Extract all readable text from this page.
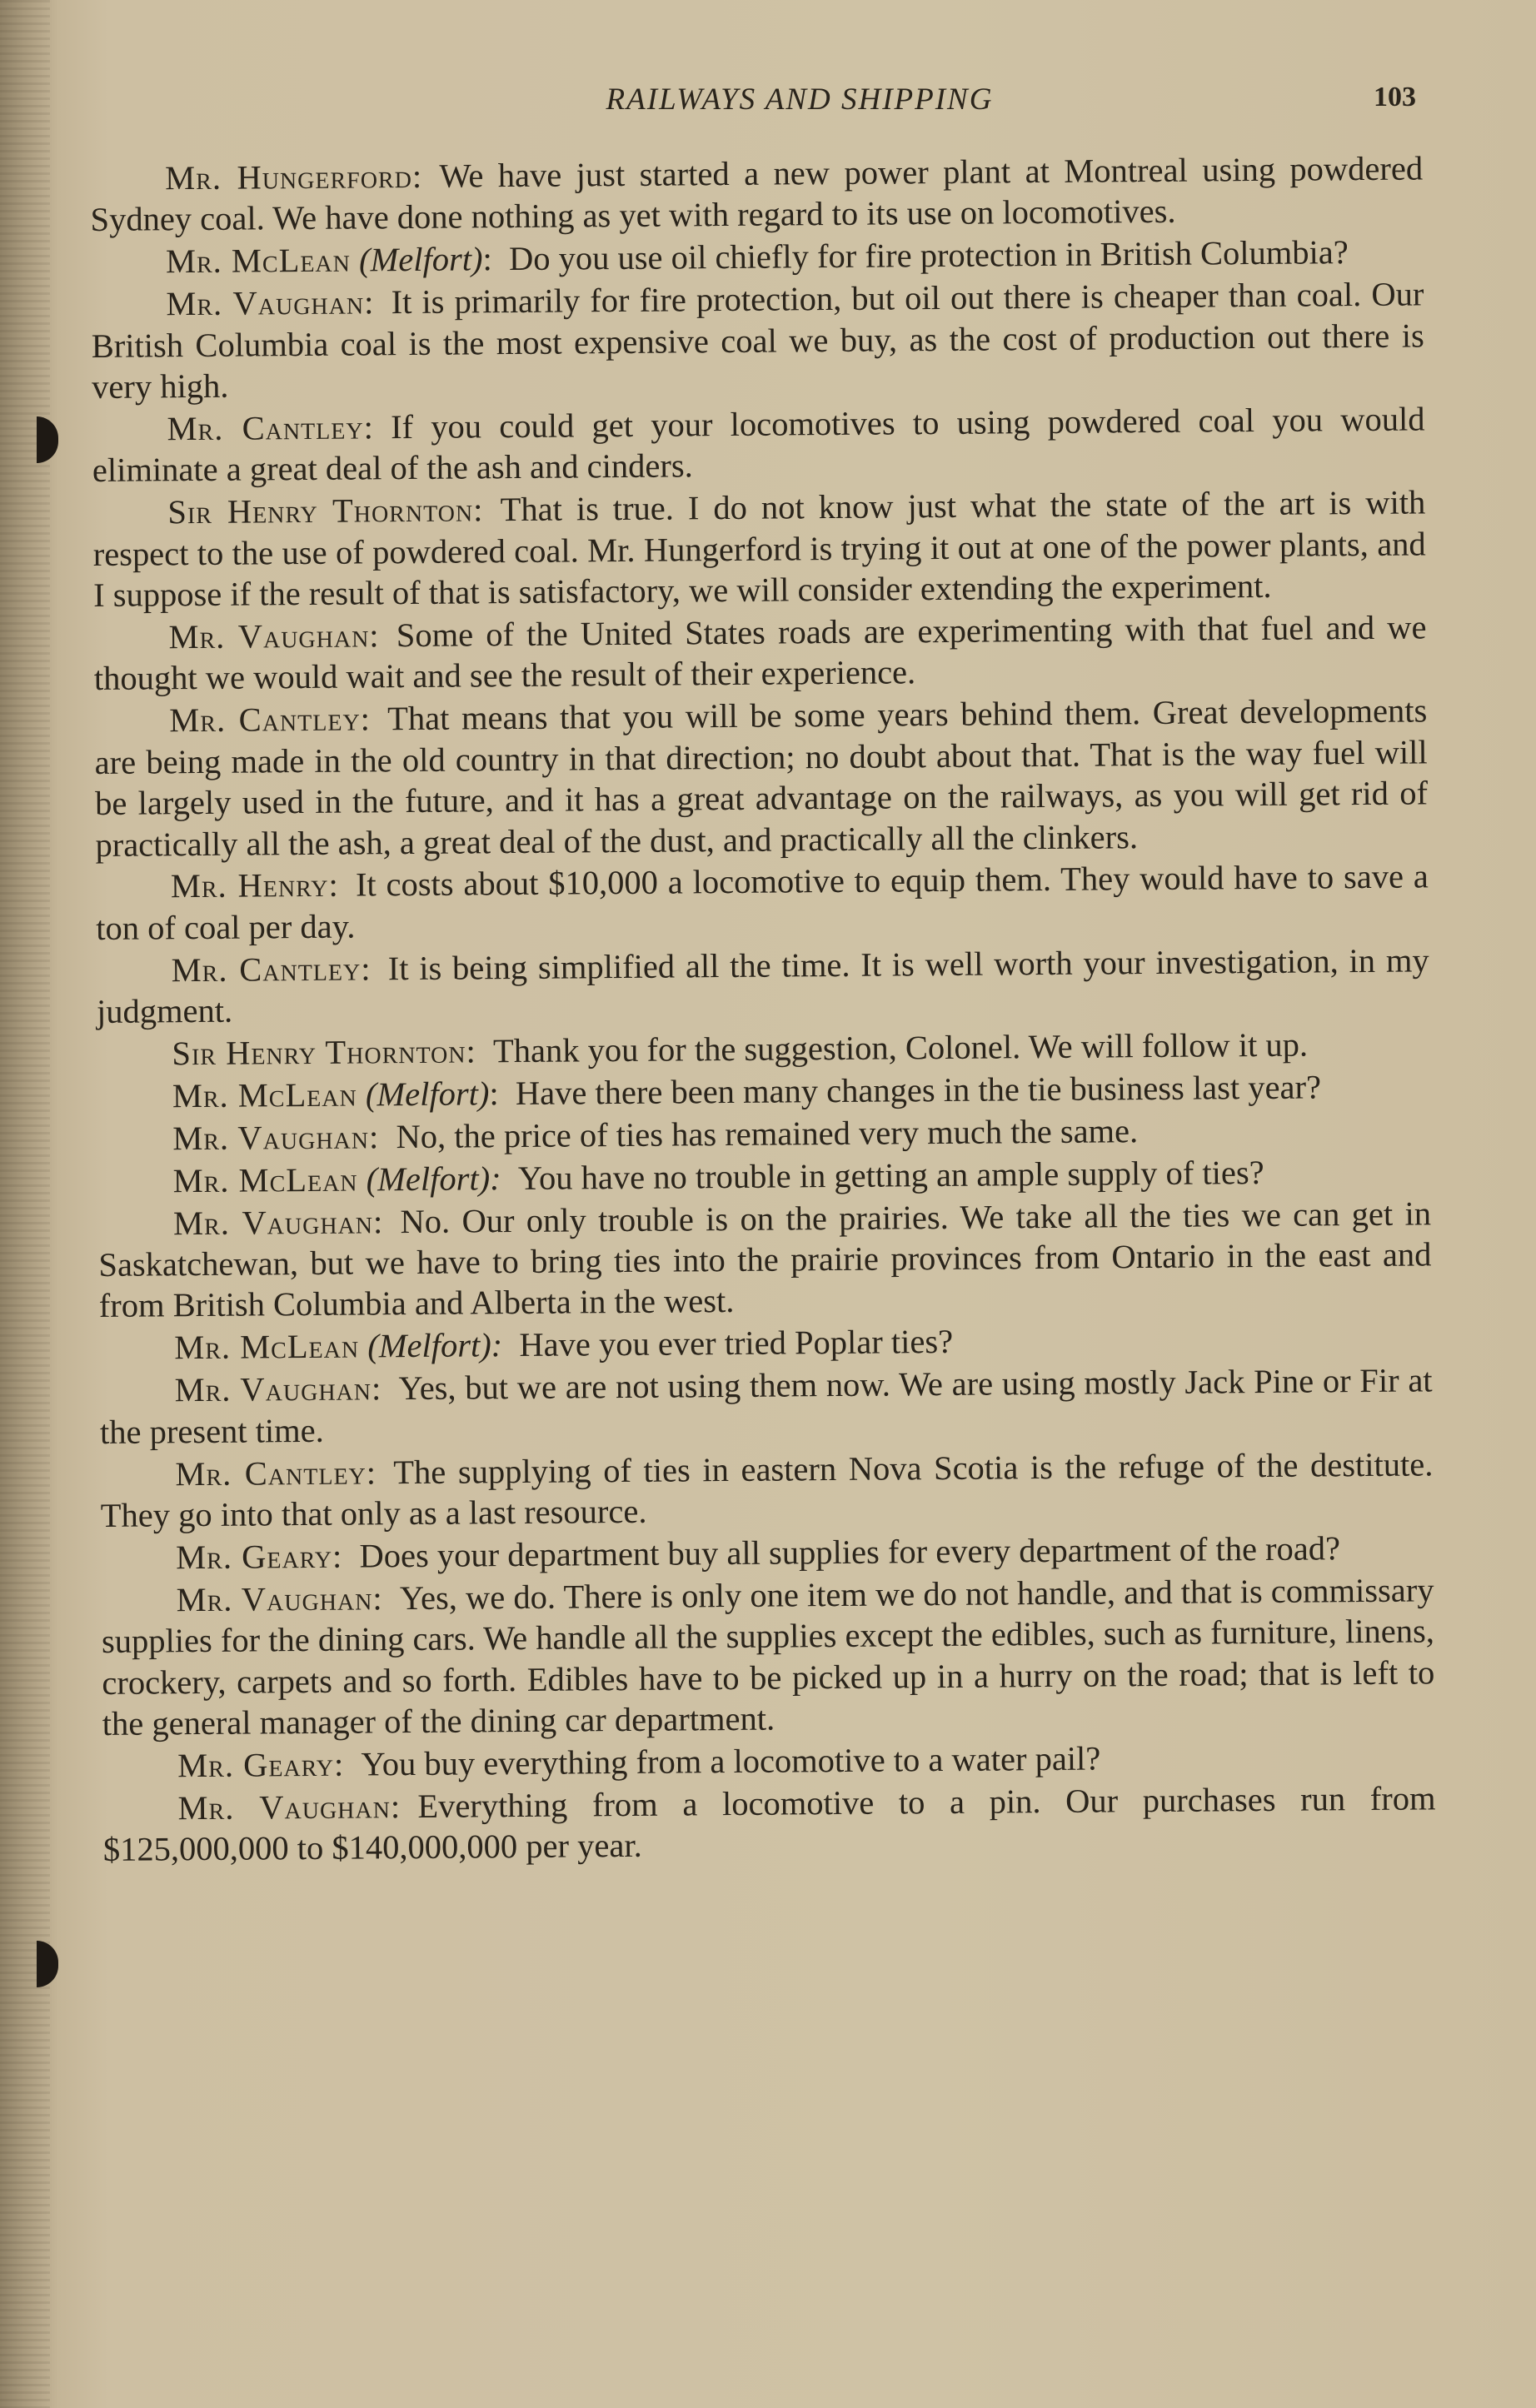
RAILWAYS AND SHIPPING	103

Mr. Hungerford:  We have just started a new power plant at Montreal using powdered Sydney coal. We have done nothing as yet with regard to its use on locomotives.

Mr. McLean (Melfort):  Do you use oil chiefly for fire protection in British Columbia?

Mr. Vaughan:  It is primarily for fire protection, but oil out there is cheaper than coal. Our British Columbia coal is the most expensive coal we buy, as the cost of production out there is very high.

Mr. Cantley:  If you could get your locomotives to using powdered coal you would eliminate a great deal of the ash and cinders.

Sir Henry Thornton:  That is true. I do not know just what the state of the art is with respect to the use of powdered coal. Mr. Hungerford is trying it out at one of the power plants, and I suppose if the result of that is satisfactory, we will consider extending the experiment.

Mr. Vaughan:  Some of the United States roads are experimenting with that fuel and we thought we would wait and see the result of their experience.

Mr. Cantley:  That means that you will be some years behind them. Great developments are being made in the old country in that direction; no doubt about that. That is the way fuel will be largely used in the future, and it has a great advantage on the railways, as you will get rid of practically all the ash, a great deal of the dust, and practically all the clinkers.

Mr. Henry:  It costs about $10,000 a locomotive to equip them. They would have to save a ton of coal per day.

Mr. Cantley:  It is being simplified all the time. It is well worth your investigation, in my judgment.

Sir Henry Thornton:  Thank you for the suggestion, Colonel. We will follow it up.

Mr. McLean (Melfort):  Have there been many changes in the tie business last year?

Mr. Vaughan:  No, the price of ties has remained very much the same.

Mr. McLean (Melfort):  You have no trouble in getting an ample supply of ties?

Mr. Vaughan:  No. Our only trouble is on the prairies. We take all the ties we can get in Saskatchewan, but we have to bring ties into the prairie provinces from Ontario in the east and from British Columbia and Alberta in the west.

Mr. McLean (Melfort):  Have you ever tried Poplar ties?

Mr. Vaughan:  Yes, but we are not using them now. We are using mostly Jack Pine or Fir at the present time.

Mr. Cantley:  The supplying of ties in eastern Nova Scotia is the refuge of the destitute. They go into that only as a last resource.

Mr. Geary:  Does your department buy all supplies for every department of the road?

Mr. Vaughan:  Yes, we do. There is only one item we do not handle, and that is commissary supplies for the dining cars. We handle all the supplies except the edibles, such as furniture, linens, crockery, carpets and so forth. Edibles have to be picked up in a hurry on the road; that is left to the general manager of the dining car department.

Mr. Geary:  You buy everything from a locomotive to a water pail?

Mr. Vaughan:  Everything from a locomotive to a pin. Our purchases run from $125,000,000 to $140,000,000 per year.
